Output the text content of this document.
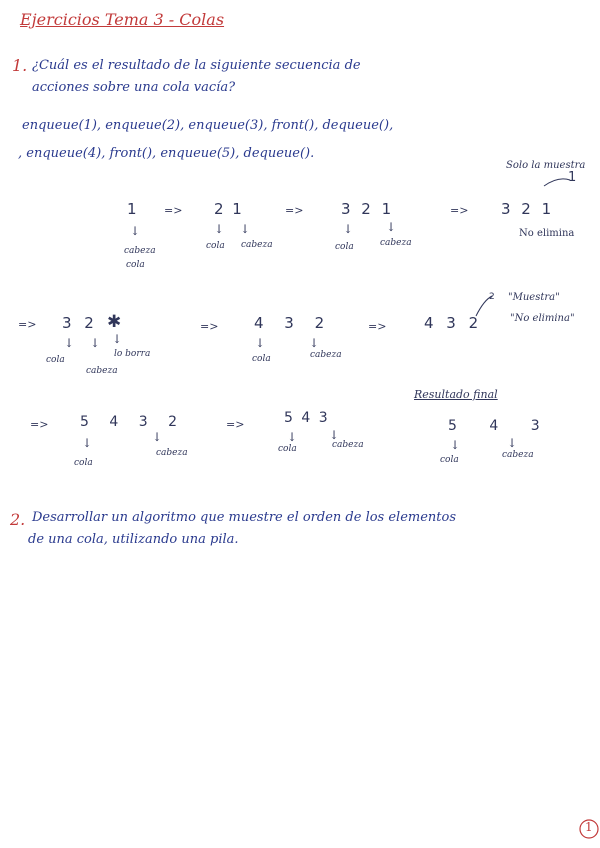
Ejercicios Tema 3 - Colas
1. ¿Cuál es el resultado de la siguiente secuencia de
acciones sobre una cola vacía?
enqueue(1), enqueue(2), enqueue(3), front(), dequeue(),
, enqueue(4), front(), enqueue(5), dequeue().
1
↓
cabeza
cola
=> 2 1
↓ ↓
cola cabeza
=>	3 2 1
↓	↓
cola	cabeza
=> 3 2 1
Solo la muestra
1
No elimina
=> 3 2 ✱
↓ ↓ ↓
cola
cabeza
lo borra
=> 4 3 2
↓	↓
cola	cabeza
=>	4 3 2
2 "Muestra"
"No elimina"
=> 5 4 3 2
↓	↓
cola
cabeza
=>	5 4 3
↓	↓
cola	cabeza
Resultado final
5 4 3
↓	↓
cola	cabeza
2. Desarrollar un algoritmo que muestre el orden de los elementos
de una cola, utilizando una pila.
1
